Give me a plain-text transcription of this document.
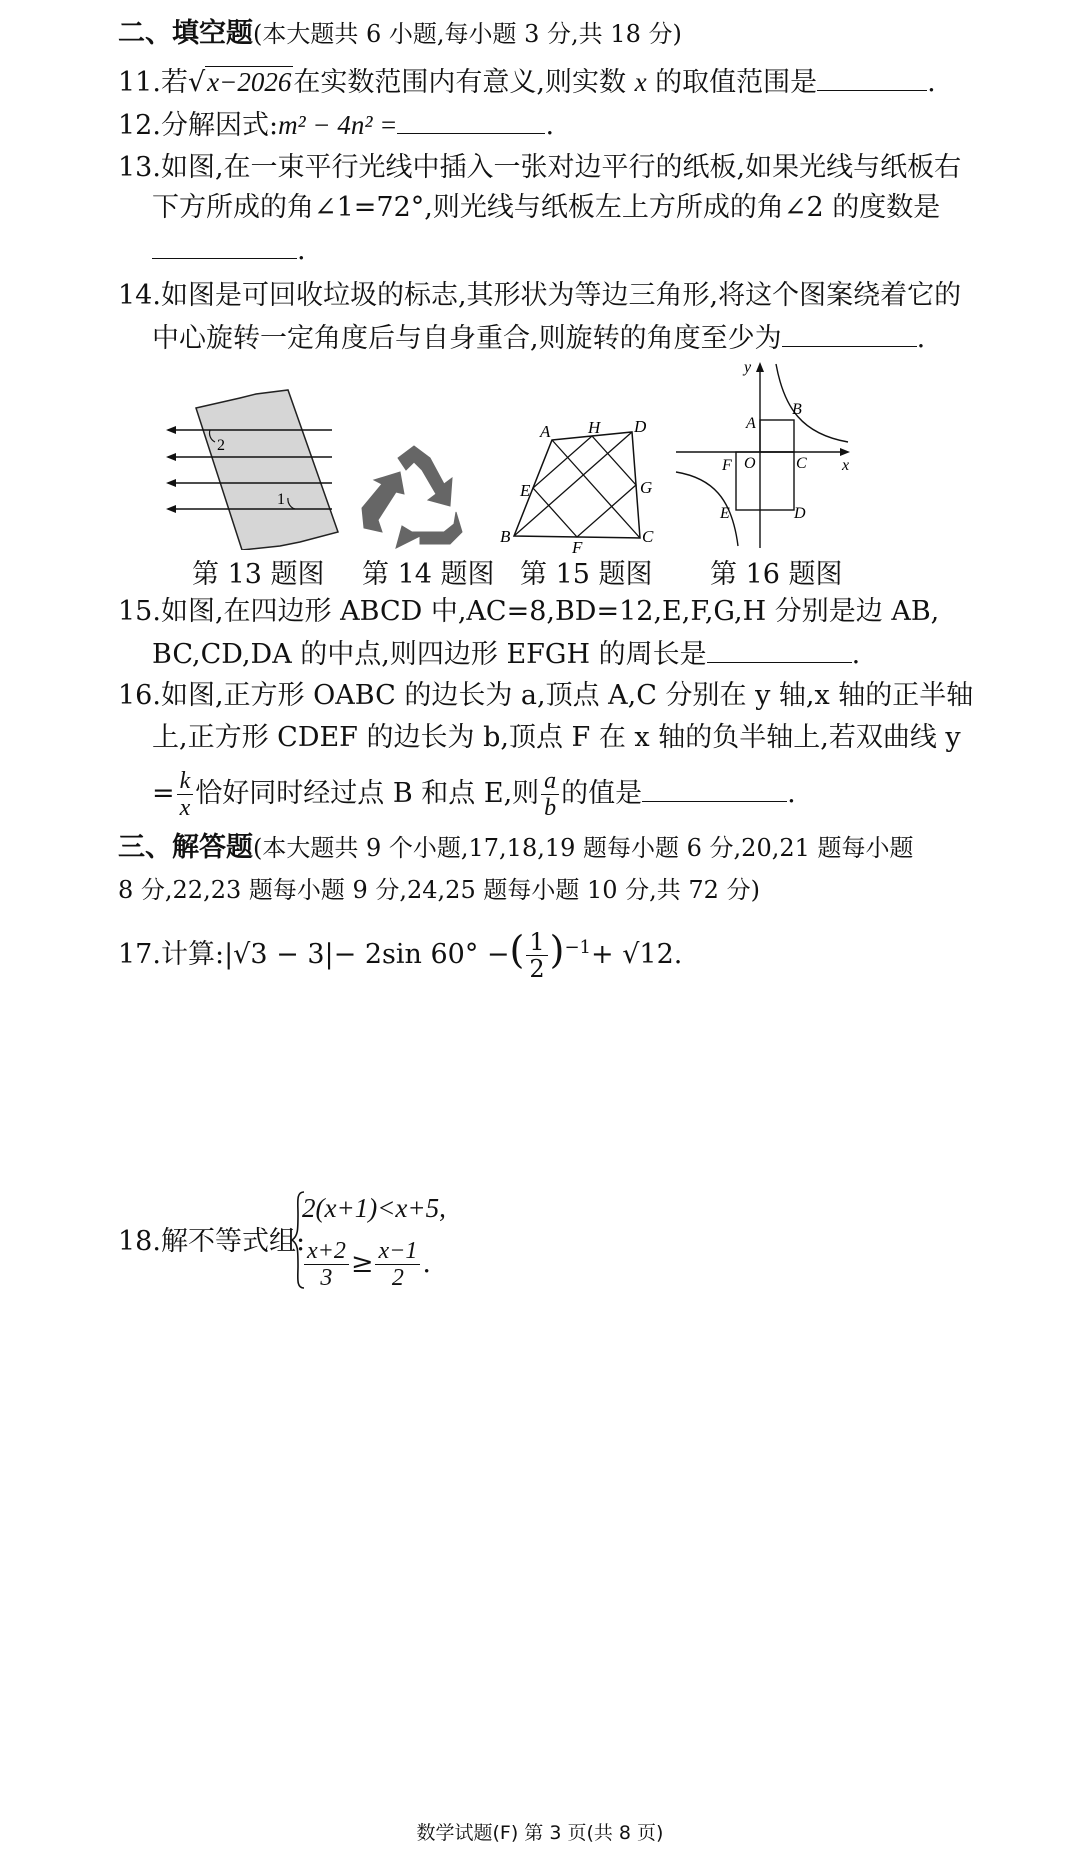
二、填空题(本大题共 6 小题,每小题 3 分,共 18 分)
11.若√x−2026在实数范围内有意义,则实数 x 的取值范围是	.
12.分解因式:m² − 4n² =	.
13.如图,在一束平行光线中插入一张对边平行的纸板,如果光线与纸板右
下方所成的角∠1=72°,则光线与纸板左上方所成的角∠2 的度数是
.
14.如图是可回收垃圾的标志,其形状为等边三角形,将这个图案绕着它的
中心旋转一定角度后与自身重合,则旋转的角度至少为	.
2
1
第 13 题图 第 14 题图
A H D
G
C
F
B
E
第 15 题图
y
x
A
B
O
F	C
E	D
第 16 题图
15.如图,在四边形 ABCD 中,AC=8,BD=12,E,F,G,H 分别是边 AB,
BC,CD,DA 的中点,则四边形 EFGH 的周长是	.
16.如图,正方形 OABC 的边长为 a,顶点 A,C 分别在 y 轴,x 轴的正半轴
上,正方形 CDEF 的边长为 b,顶点 F 在 x 轴的负半轴上,若双曲线 y
= $\frac{k}{x}$ 恰好同时经过点 B 和点 E,则 $\frac{a}{b}$ 的值是	.
三、解答题(本大题共 9 个小题,17,18,19 题每小题 6 分,20,21 题每小题
8 分,22,23 题每小题 9 分,24,25 题每小题 10 分,共 72 分)
17.计算:|√3 − 3|− 2sin 60° −( $\frac{1}{2} )^{-1}+ √12$.
18.解不等式组:
2(x+1)<x+5,
$\frac{x+2}{3} \ge \frac{x-1}{2}$ .
数学试题(F) 第 3 页(共 8 页)
